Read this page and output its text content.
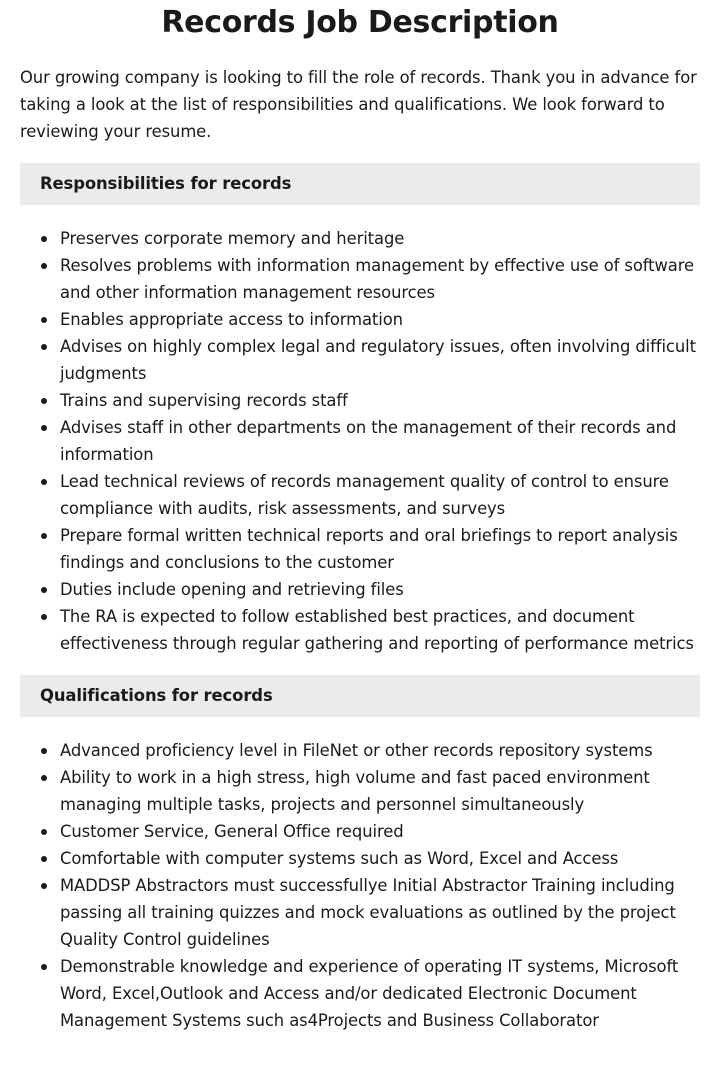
Records Job Description

Our growing company is looking to fill the role of records. Thank you in advance for taking a look at the list of responsibilities and qualifications. We look forward to reviewing your resume.

Responsibilities for records
Preserves corporate memory and heritage
Resolves problems with information management by effective use of software and other information management resources
Enables appropriate access to information
Advises on highly complex legal and regulatory issues, often involving difficult judgments
Trains and supervising records staff
Advises staff in other departments on the management of their records and information
Lead technical reviews of records management quality of control to ensure compliance with audits, risk assessments, and surveys
Prepare formal written technical reports and oral briefings to report analysis findings and conclusions to the customer
Duties include opening and retrieving files
The RA is expected to follow established best practices, and document effectiveness through regular gathering and reporting of performance metrics
Qualifications for records
Advanced proficiency level in FileNet or other records repository systems
Ability to work in a high stress, high volume and fast paced environment managing multiple tasks, projects and personnel simultaneously
Customer Service, General Office required
Comfortable with computer systems such as Word, Excel and Access
MADDSP Abstractors must successfullye Initial Abstractor Training including passing all training quizzes and mock evaluations as outlined by the project Quality Control guidelines
Demonstrable knowledge and experience of operating IT systems, Microsoft Word, Excel,Outlook and Access and/or dedicated Electronic Document Management Systems such as4Projects and Business Collaborator
